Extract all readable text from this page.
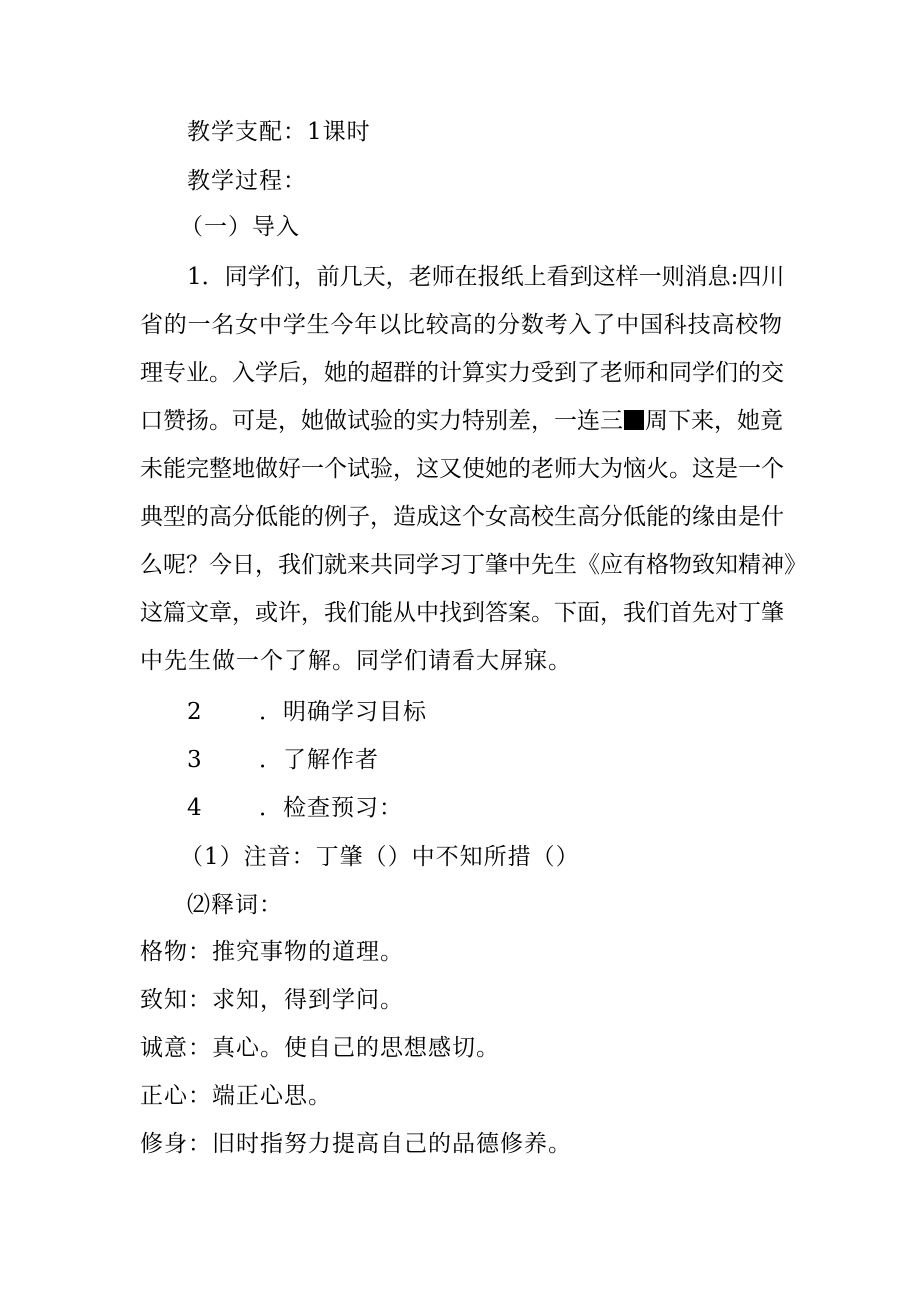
教学支配：1课时
教学过程：
（一）导入
1．同学们，前几天，老师在报纸上看到这样一则消息:四川
省的一名女中学生今年以比较高的分数考入了中国科技高校物
理专业。入学后，她的超群的计算实力受到了老师和同学们的交
口赞扬。可是，她做试验的实力特别差，一连三 周下来，她竟
未能完整地做好一个试验，这又使她的老师大为恼火。这是一个
典型的高分低能的例子，造成这个女高校生高分低能的缘由是什
么呢？今日，我们就来共同学习丁肇中先生《应有格物致知精神》
这篇文章，或许，我们能从中找到答案。下面，我们首先对丁肇
中先生做一个了解。同学们请看大屏寐。
2 ．明确学习目标
3 ．了解作者
4 ．检查预习：
（1）注音：丁肇（）中不知所措（）
⑵释词：
格物：推究事物的道理。
致知：求知，得到学问。
诚意：真心。使自己的思想感切。
正心：端正心思。
修身：旧时指努力提高自己的品德修养。
